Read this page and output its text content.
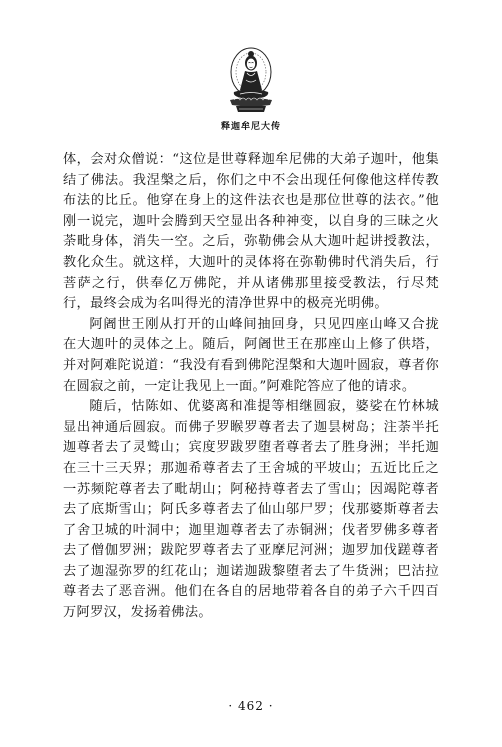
释迦牟尼大传

体，会对众僧说：“这位是世尊释迦牟尼佛的大弟子迦叶，他集结了佛法。我涅槃之后，你们之中不会出现任何像他这样传教布法的比丘。他穿在身上的这件法衣也是那位世尊的法衣。”他刚一说完，迦叶会腾到天空显出各种神变，以自身的三昧之火荼毗身体，消失一空。之后，弥勒佛会从大迦叶起讲授教法，教化众生。就这样，大迦叶的灵体将在弥勒佛时代消失后，行菩萨之行，供奉亿万佛陀，并从诸佛那里接受教法，行尽梵行，最终会成为名叫得光的清净世界中的极亮光明佛。

阿阇世王刚从打开的山峰间抽回身，只见四座山峰又合拢在大迦叶的灵体之上。随后，阿阇世王在那座山上修了供塔，并对阿难陀说道：“我没有看到佛陀涅槃和大迦叶圆寂，尊者你在圆寂之前，一定让我见上一面。”阿难陀答应了他的请求。

随后，怙陈如、优婆离和准提等相继圆寂，婆娑在竹林城显出神通后圆寂。而佛子罗睺罗尊者去了迦昙树岛；注荼半托迦尊者去了灵鹫山；宾度罗跋罗堕者尊者去了胜身洲；半托迦在三十三天界；那迦希尊者去了王舍城的平坡山；五近比丘之一苏频陀尊者去了毗胡山；阿秘持尊者去了雪山；因竭陀尊者去了底斯雪山；阿氏多尊者去了仙山邬尸罗；伐那婆斯尊者去了舍卫城的叶洞中；迦里迦尊者去了赤铜洲；伐者罗佛多尊者去了僧伽罗洲；跋陀罗尊者去了亚摩尼河洲；迦罗加伐蹉尊者去了迦湿弥罗的红花山；迦诺迦跋黎堕者去了牛货洲；巴沽拉尊者去了恶音洲。他们在各自的居地带着各自的弟子六千四百万阿罗汉，发扬着佛法。

· 462 ·
